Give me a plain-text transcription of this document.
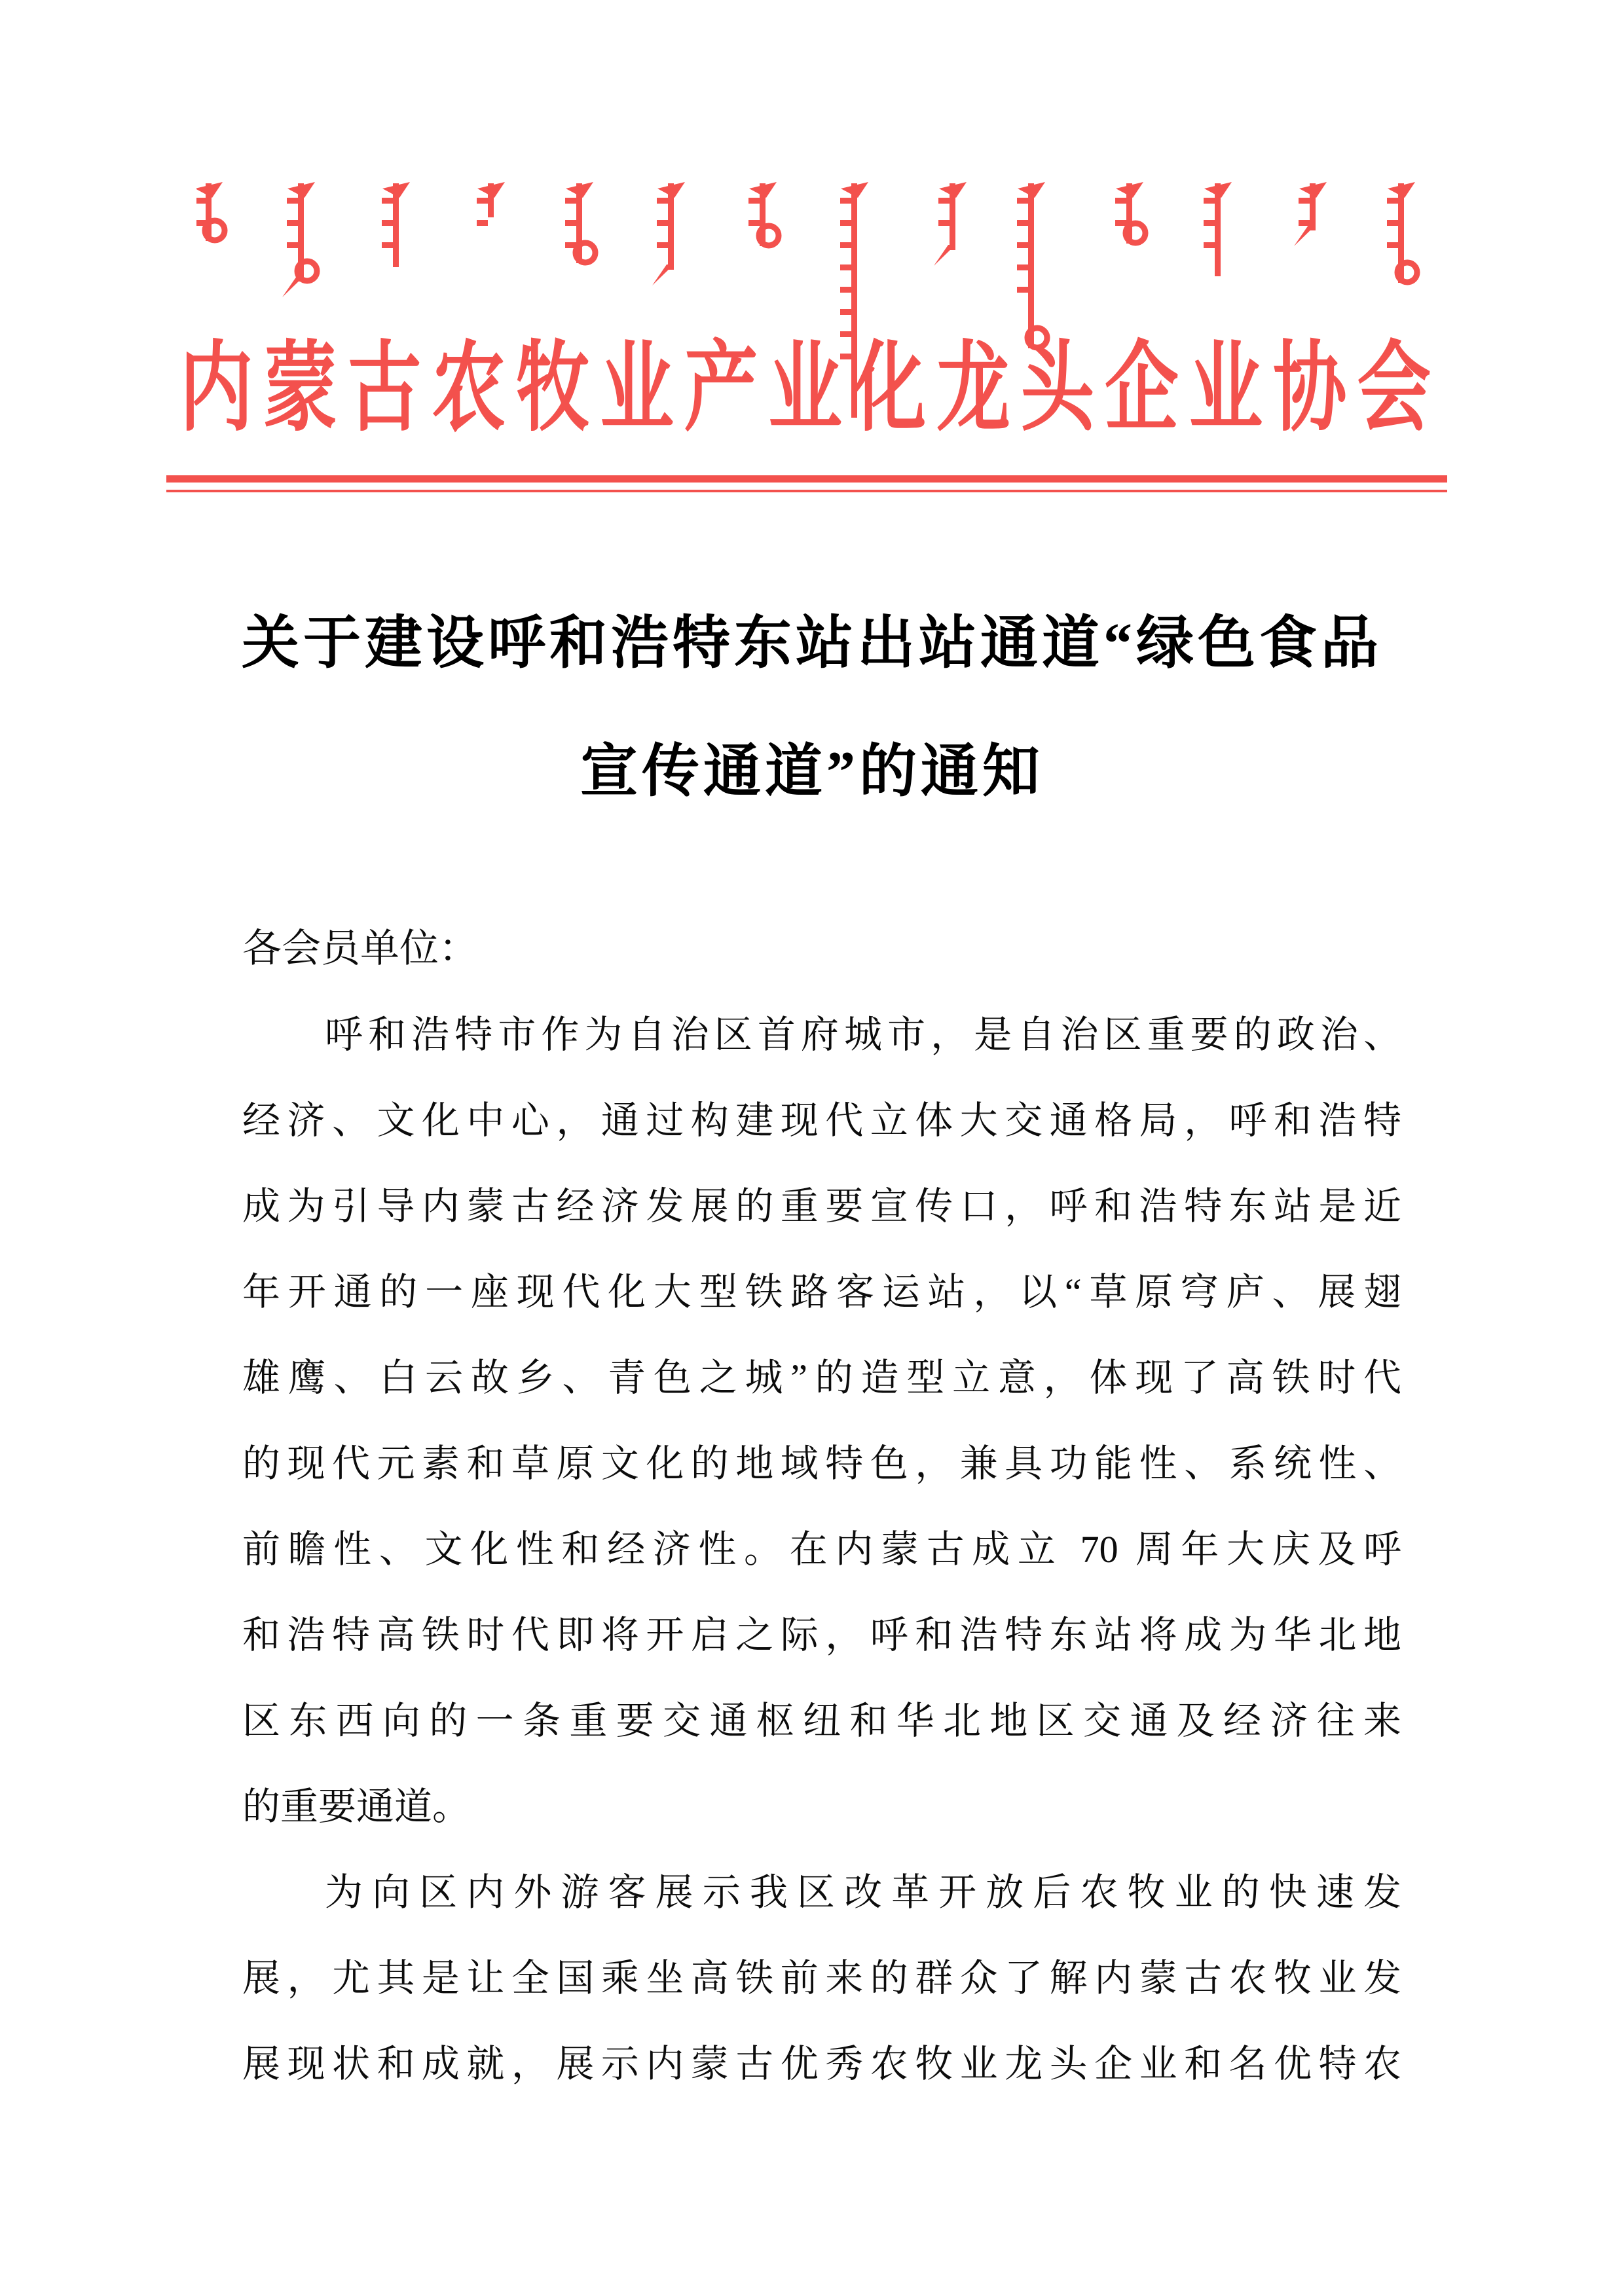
内蒙古农牧业产业化龙头企业协会
关于建设呼和浩特东站出站通道“绿色食品
宣传通道”的通知
各会员单位：
呼和浩特市作为自治区首府城市，是自治区重要的政治、
经济、文化中心，通过构建现代立体大交通格局，呼和浩特
成为引导内蒙古经济发展的重要宣传口，呼和浩特东站是近
年开通的一座现代化大型铁路客运站，以“草原穹庐、展翅
雄鹰、白云故乡、青色之城”的造型立意，体现了高铁时代
的现代元素和草原文化的地域特色，兼具功能性、系统性、
前瞻性、文化性和经济性。在内蒙古成立 70 周年大庆及呼
和浩特高铁时代即将开启之际，呼和浩特东站将成为华北地
区东西向的一条重要交通枢纽和华北地区交通及经济往来
的重要通道。
为向区内外游客展示我区改革开放后农牧业的快速发
展，尤其是让全国乘坐高铁前来的群众了解内蒙古农牧业发
展现状和成就，展示内蒙古优秀农牧业龙头企业和名优特农
